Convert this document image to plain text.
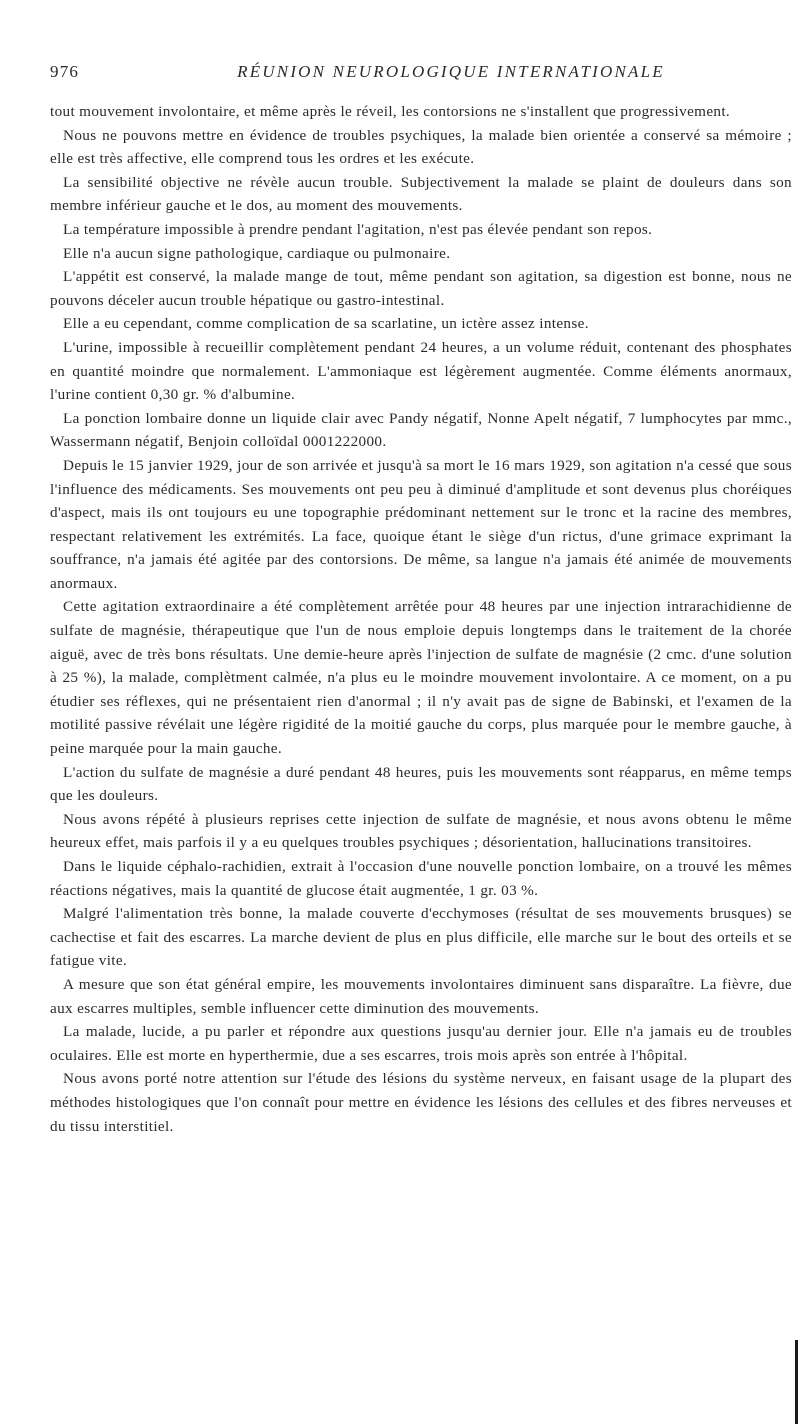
976	RÉUNION NEUROLOGIQUE INTERNATIONALE

tout mouvement involontaire, et même après le réveil, les contorsions ne s'installent que progressivement.

Nous ne pouvons mettre en évidence de troubles psychiques, la malade bien orientée a conservé sa mémoire ; elle est très affective, elle comprend tous les ordres et les exécute.

La sensibilité objective ne révèle aucun trouble. Subjectivement la malade se plaint de douleurs dans son membre inférieur gauche et le dos, au moment des mouvements.

La température impossible à prendre pendant l'agitation, n'est pas élevée pendant son repos.

Elle n'a aucun signe pathologique, cardiaque ou pulmonaire.

L'appétit est conservé, la malade mange de tout, même pendant son agitation, sa digestion est bonne, nous ne pouvons déceler aucun trouble hépatique ou gastro-intestinal.

Elle a eu cependant, comme complication de sa scarlatine, un ictère assez intense.

L'urine, impossible à recueillir complètement pendant 24 heures, a un volume réduit, contenant des phosphates en quantité moindre que normalement. L'ammoniaque est légèrement augmentée. Comme éléments anormaux, l'urine contient 0,30 gr. % d'albumine.

La ponction lombaire donne un liquide clair avec Pandy négatif, Nonne Apelt négatif, 7 lumphocytes par mmc., Wassermann négatif, Benjoin colloïdal 0001222000.

Depuis le 15 janvier 1929, jour de son arrivée et jusqu'à sa mort le 16 mars 1929, son agitation n'a cessé que sous l'influence des médicaments. Ses mouvements ont peu peu à diminué d'amplitude et sont devenus plus choréiques d'aspect, mais ils ont toujours eu une topographie prédominant nettement sur le tronc et la racine des membres, respectant relativement les extrémités. La face, quoique étant le siège d'un rictus, d'une grimace exprimant la souffrance, n'a jamais été agitée par des contorsions. De même, sa langue n'a jamais été animée de mouvements anormaux.

Cette agitation extraordinaire a été complètement arrêtée pour 48 heures par une injection intrarachidienne de sulfate de magnésie, thérapeutique que l'un de nous emploie depuis longtemps dans le traitement de la chorée aiguë, avec de très bons résultats. Une demie-heure après l'injection de sulfate de magnésie (2 cmc. d'une solution à 25 %), la malade, complètment calmée, n'a plus eu le moindre mouvement involontaire. A ce moment, on a pu étudier ses réflexes, qui ne présentaient rien d'anormal ; il n'y avait pas de signe de Babinski, et l'examen de la motilité passive révélait une légère rigidité de la moitié gauche du corps, plus marquée pour le membre gauche, à peine marquée pour la main gauche.

L'action du sulfate de magnésie a duré pendant 48 heures, puis les mouvements sont réapparus, en même temps que les douleurs.

Nous avons répété à plusieurs reprises cette injection de sulfate de magnésie, et nous avons obtenu le même heureux effet, mais parfois il y a eu quelques troubles psychiques ; désorientation, hallucinations transitoires.

Dans le liquide céphalo-rachidien, extrait à l'occasion d'une nouvelle ponction lombaire, on a trouvé les mêmes réactions négatives, mais la quantité de glucose était augmentée, 1 gr. 03 %.

Malgré l'alimentation très bonne, la malade couverte d'ecchymoses (résultat de ses mouvements brusques) se cachectise et fait des escarres. La marche devient de plus en plus difficile, elle marche sur le bout des orteils et se fatigue vite.

A mesure que son état général empire, les mouvements involontaires diminuent sans disparaître. La fièvre, due aux escarres multiples, semble influencer cette diminution des mouvements.

La malade, lucide, a pu parler et répondre aux questions jusqu'au dernier jour. Elle n'a jamais eu de troubles oculaires. Elle est morte en hyperthermie, due a ses escarres, trois mois après son entrée à l'hôpital.

Nous avons porté notre attention sur l'étude des lésions du système nerveux, en faisant usage de la plupart des méthodes histologiques que l'on connaît pour mettre en évidence les lésions des cellules et des fibres nerveuses et du tissu interstitiel.
